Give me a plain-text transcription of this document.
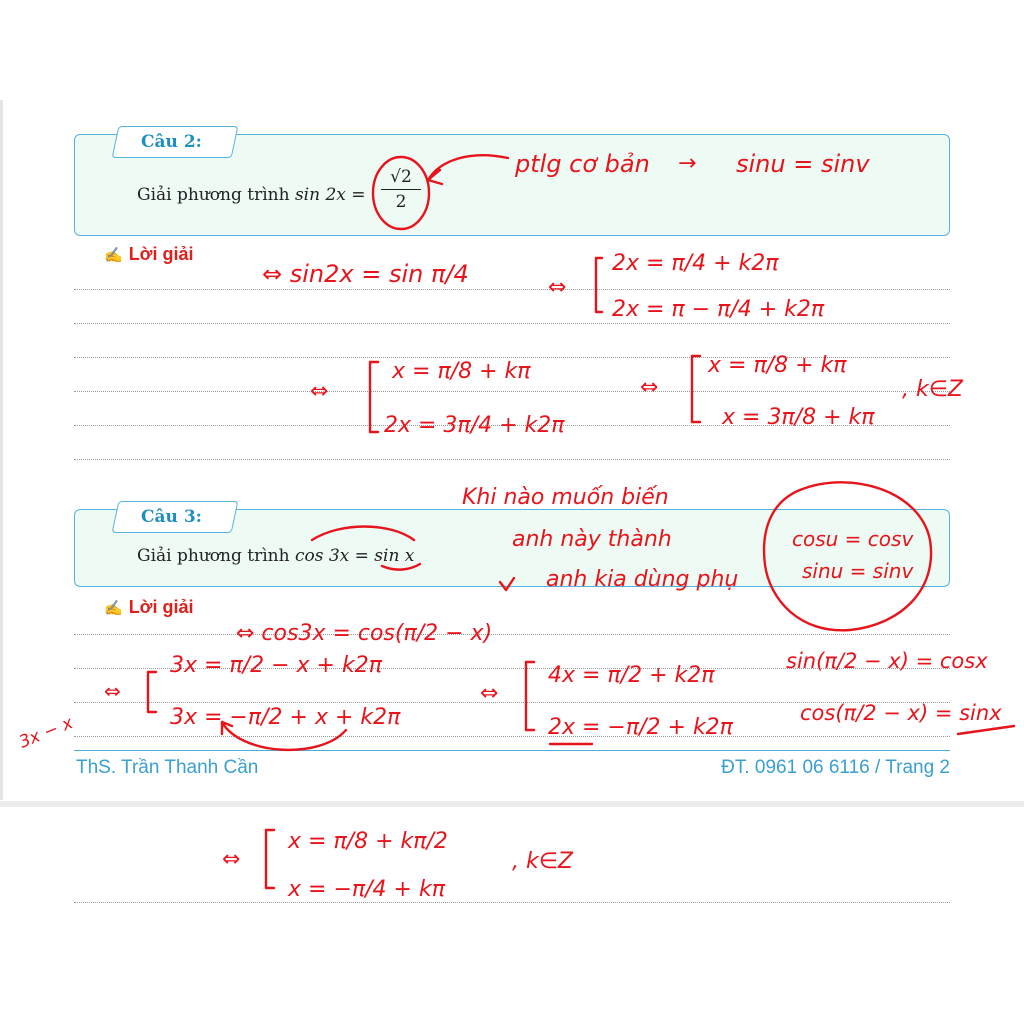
Câu 2:
Giải phương trình $\sin 2x = \frac{√2}{2}$
✍ Lời giải
Câu 3:
Giải phương trình cos 3x = sin x
✍ Lời giải
ThS. Trần Thanh Cần	ĐT. 0961 06 6116 / Trang 2
ptlg cơ bản → sinu = sinv
⇔ sin2x = sin π/4	2x = π/4 + k2π
2x = π − π/4 + k2π
⇔
⇔
x = π/8 + kπ
2x = 3π/4 + k2π
⇔
x = π/8 + kπ
x = 3π/8 + kπ
, k∈Z
Khi nào muốn biến
anh này thành
anh kia dùng phụ
cosu = cosv
sinu = sinv
⇔ cos3x = cos(π/2 − x)
⇔
3x = π/2 − x + k2π
3x = −π/2 + x + k2π
⇔
4x = π/2 + k2π
2x = −π/2 + k2π
sin(π/2 − x) = cosx
cos(π/2 − x) = sinx
3x − x
⇔
x = π/8 + kπ/2
x = −π/4 + kπ
, k∈Z
